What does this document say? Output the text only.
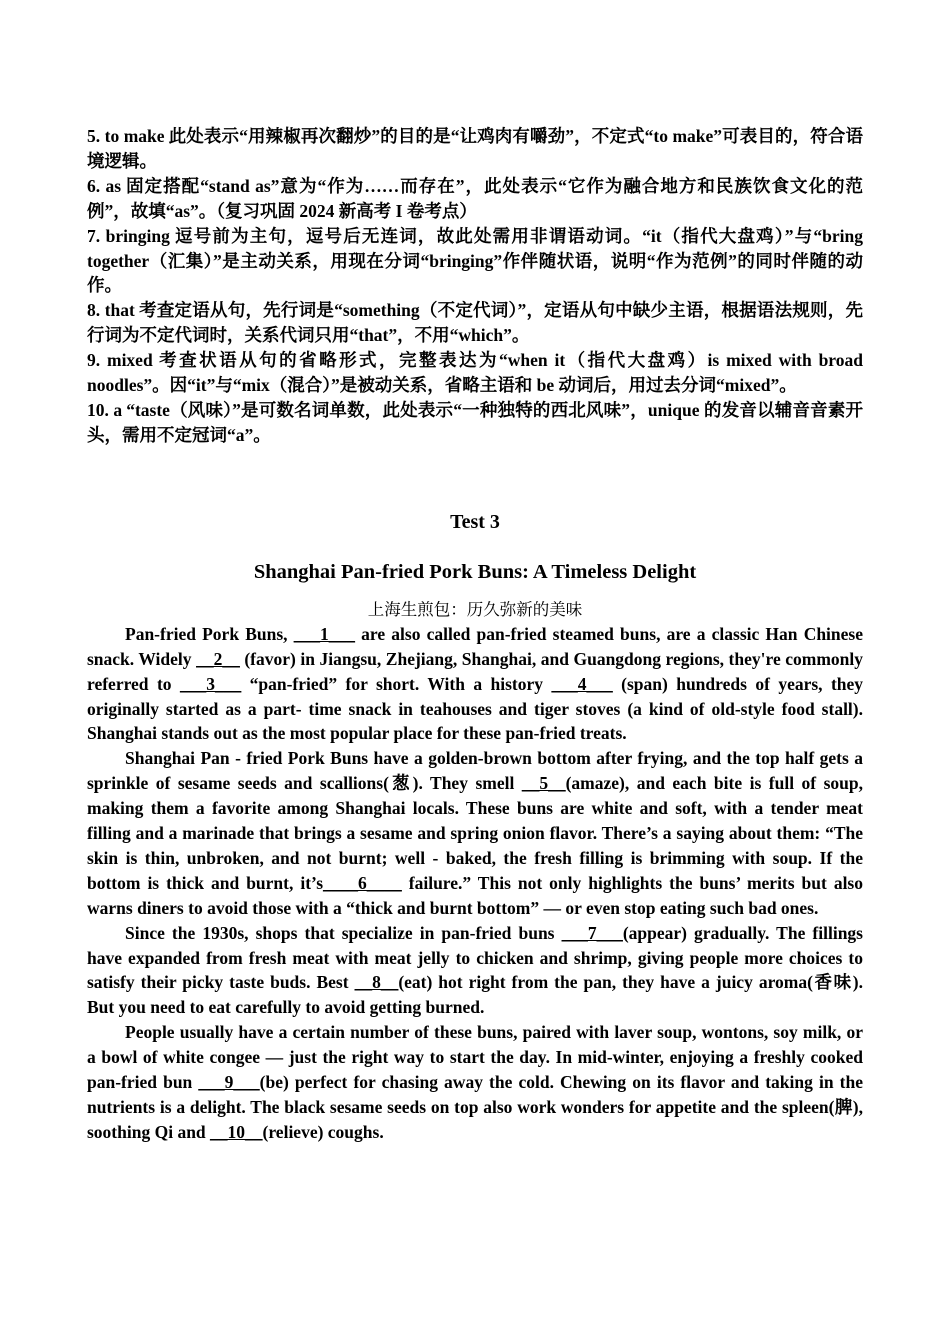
5. to make 此处表示“用辣椒再次翻炒”的目的是“让鸡肉有嚼劲”，不定式“to make”可表目的，符合语境逻辑。

6. as 固定搭配“stand as”意为“作为……而存在”，此处表示“它作为融合地方和民族饮食文化的范例”，故填“as”。（复习巩固 2024 新高考 I 卷考点）

7. bringing 逗号前为主句，逗号后无连词，故此处需用非谓语动词。“it（指代大盘鸡）”与“bring together（汇集）”是主动关系，用现在分词“bringing”作伴随状语，说明“作为范例”的同时伴随的动作。

8. that 考查定语从句，先行词是“something（不定代词）”，定语从句中缺少主语，根据语法规则，先行词为不定代词时，关系代词只用“that”，不用“which”。

9. mixed 考查状语从句的省略形式，完整表达为“when it（指代大盘鸡）is mixed with broad noodles”。因“it”与“mix（混合）”是被动关系，省略主语和 be 动词后，用过去分词“mixed”。

10. a “taste（风味）”是可数名词单数，此处表示“一种独特的西北风味”，unique 的发音以辅音音素开头，需用不定冠词“a”。

Test 3
Shanghai Pan-fried Pork Buns: A Timeless Delight
上海生煎包：历久弥新的美味

Pan-fried Pork Buns, ___1___ are also called pan-fried steamed buns, are a classic Han Chinese snack. Widely __2__ (favor) in Jiangsu, Zhejiang, Shanghai, and Guangdong regions, they're commonly referred to ___3___ “pan-fried” for short. With a history ___4___ (span) hundreds of years, they originally started as a part- time snack in teahouses and tiger stoves (a kind of old-style food stall). Shanghai stands out as the most popular place for these pan-fried treats.

Shanghai Pan - fried Pork Buns have a golden-brown bottom after frying, and the top half gets a sprinkle of sesame seeds and scallions(葱). They smell __5__(amaze), and each bite is full of soup, making them a favorite among Shanghai locals. These buns are white and soft, with a tender meat filling and a marinade that brings a sesame and spring onion flavor. There’s a saying about them: “The skin is thin, unbroken, and not burnt; well - baked, the fresh filling is brimming with soup. If the bottom is thick and burnt, it’s____6____ failure.” This not only highlights the buns’ merits but also warns diners to avoid those with a “thick and burnt bottom” — or even stop eating such bad ones.

Since the 1930s, shops that specialize in pan-fried buns ___7___(appear) gradually. The fillings have expanded from fresh meat with meat jelly to chicken and shrimp, giving people more choices to satisfy their picky taste buds. Best __8__(eat) hot right from the pan, they have a juicy aroma(香味). But you need to eat carefully to avoid getting burned.

People usually have a certain number of these buns, paired with laver soup, wontons, soy milk, or a bowl of white congee — just the right way to start the day. In mid-winter, enjoying a freshly cooked pan-fried bun ___9___(be) perfect for chasing away the cold. Chewing on its flavor and taking in the nutrients is a delight. The black sesame seeds on top also work wonders for appetite and the spleen(脾), soothing Qi and __10__(relieve) coughs.
